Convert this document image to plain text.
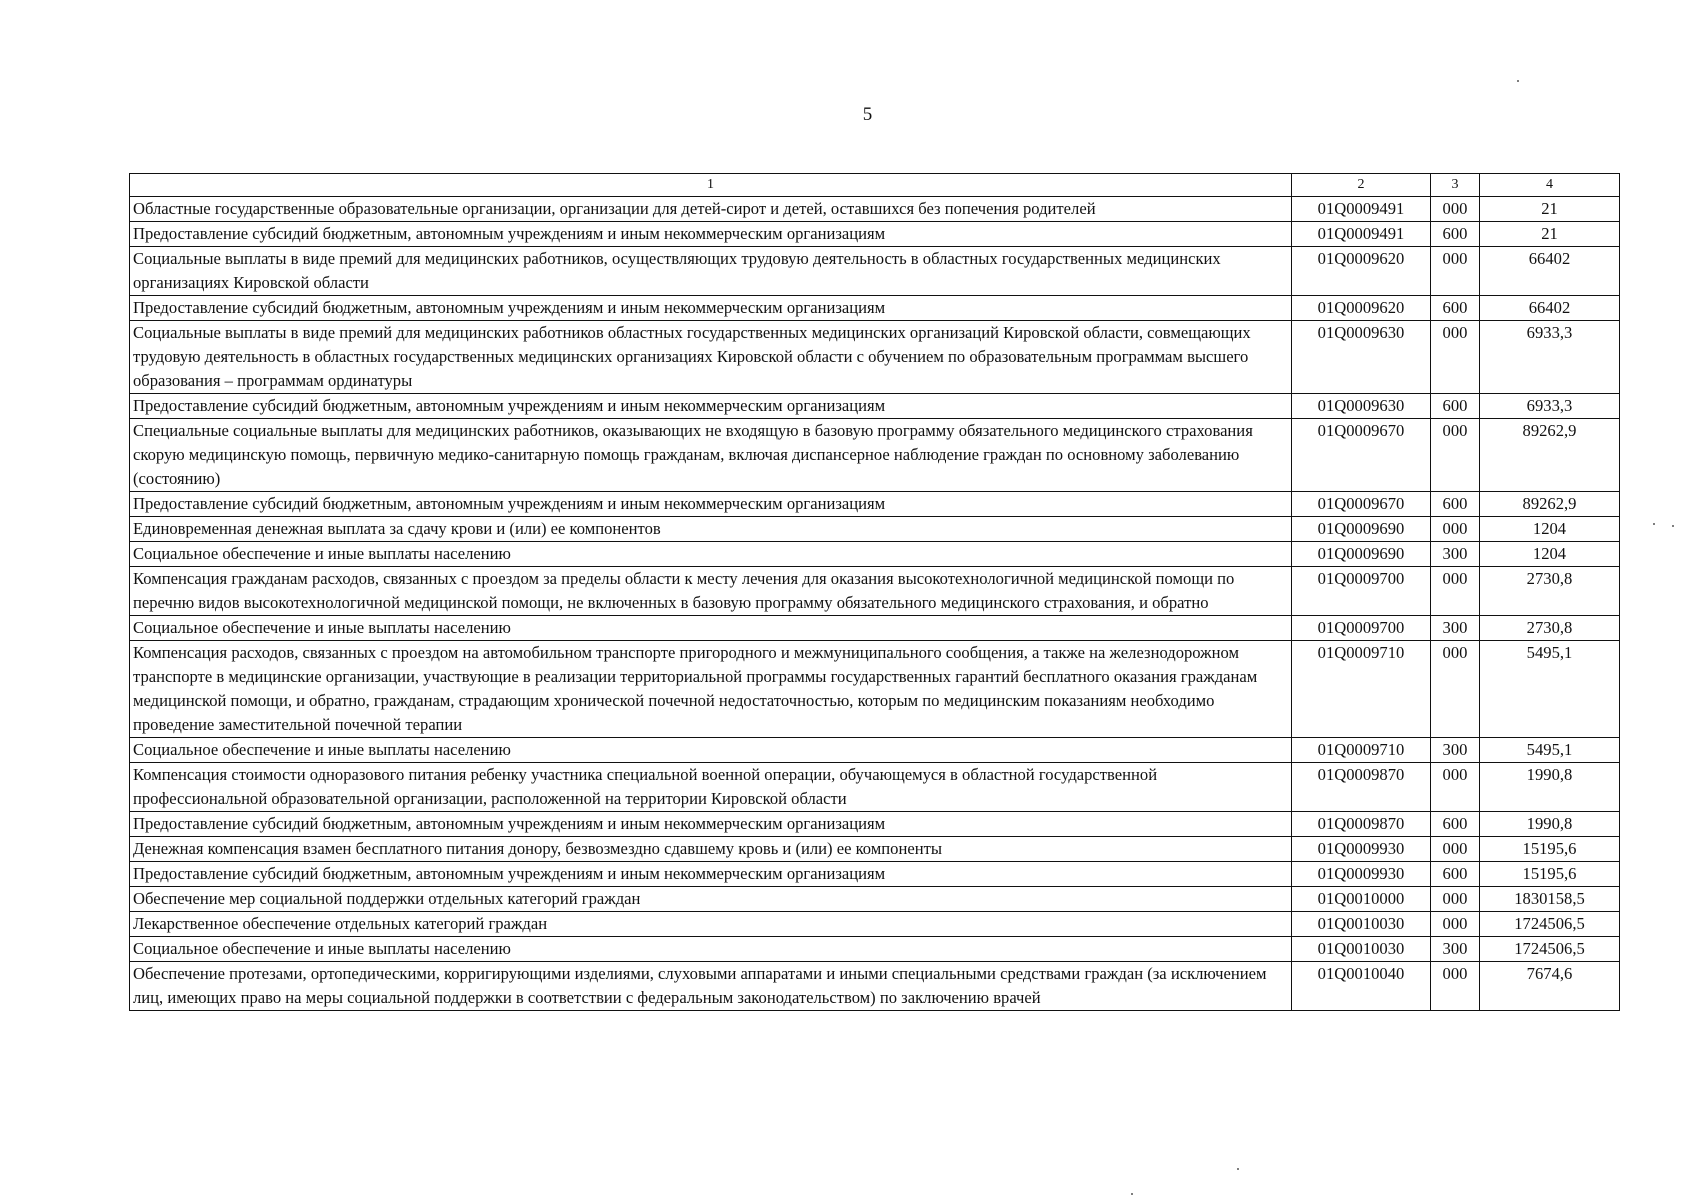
5
1	2	3	4
Областные государственные образовательные организации, организации для детей-сирот и детей, оставшихся без попечения родителей	01Q0009491	000	21
Предоставление субсидий бюджетным, автономным учреждениям и иным некоммерческим организациям	01Q0009491	600	21
Социальные выплаты в виде премий для медицинских работников, осуществляющих трудовую деятельность в областных государственных медицинских организациях Кировской области	01Q0009620	000	66402
Предоставление субсидий бюджетным, автономным учреждениям и иным некоммерческим организациям	01Q0009620	600	66402
Социальные выплаты в виде премий для медицинских работников областных государственных медицинских организаций Кировской области, совмещающих трудовую деятельность в областных государственных медицинских организациях Кировской области с обучением по образовательным программам высшего образования – программам ординатуры	01Q0009630	000	6933,3
Предоставление субсидий бюджетным, автономным учреждениям и иным некоммерческим организациям	01Q0009630	600	6933,3
Специальные социальные выплаты для медицинских работников, оказывающих не входящую в базовую программу обязательного медицинского страхования скорую медицинскую помощь, первичную медико-санитарную помощь гражданам, включая диспансерное наблюдение граждан по основному заболеванию (состоянию)	01Q0009670	000	89262,9
Предоставление субсидий бюджетным, автономным учреждениям и иным некоммерческим организациям	01Q0009670	600	89262,9
Единовременная денежная выплата за сдачу крови и (или) ее компонентов	01Q0009690	000	1204
Социальное обеспечение и иные выплаты населению	01Q0009690	300	1204
Компенсация гражданам расходов, связанных с проездом за пределы области к месту лечения для оказания высокотехнологичной медицинской помощи по перечню видов высокотехнологичной медицинской помощи, не включенных в базовую программу обязательного медицинского страхования, и обратно	01Q0009700	000	2730,8
Социальное обеспечение и иные выплаты населению	01Q0009700	300	2730,8
Компенсация расходов, связанных с проездом на автомобильном транспорте пригородного и межмуниципального сообщения, а также на железнодорожном транспорте в медицинские организации, участвующие в реализации территориальной программы государственных гарантий бесплатного оказания гражданам медицинской помощи, и обратно, гражданам, страдающим хронической почечной недостаточностью, которым по медицинским показаниям необходимо проведение заместительной почечной терапии	01Q0009710	000	5495,1
Социальное обеспечение и иные выплаты населению	01Q0009710	300	5495,1
Компенсация стоимости одноразового питания ребенку участника специальной военной операции, обучающемуся в областной государственной профессиональной образовательной организации, расположенной на территории Кировской области	01Q0009870	000	1990,8
Предоставление субсидий бюджетным, автономным учреждениям и иным некоммерческим организациям	01Q0009870	600	1990,8
Денежная компенсация взамен бесплатного питания донору, безвозмездно сдавшему кровь и (или) ее компоненты	01Q0009930	000	15195,6
Предоставление субсидий бюджетным, автономным учреждениям и иным некоммерческим организациям	01Q0009930	600	15195,6
Обеспечение мер социальной поддержки отдельных категорий граждан	01Q0010000	000	1830158,5
Лекарственное обеспечение отдельных категорий граждан	01Q0010030	000	1724506,5
Социальное обеспечение и иные выплаты населению	01Q0010030	300	1724506,5
Обеспечение протезами, ортопедическими, корригирующими изделиями, слуховыми аппаратами и иными специальными средствами граждан (за исключением лиц, имеющих право на меры социальной поддержки в соответствии с федеральным законодательством) по заключению врачей	01Q0010040	000	7674,6
